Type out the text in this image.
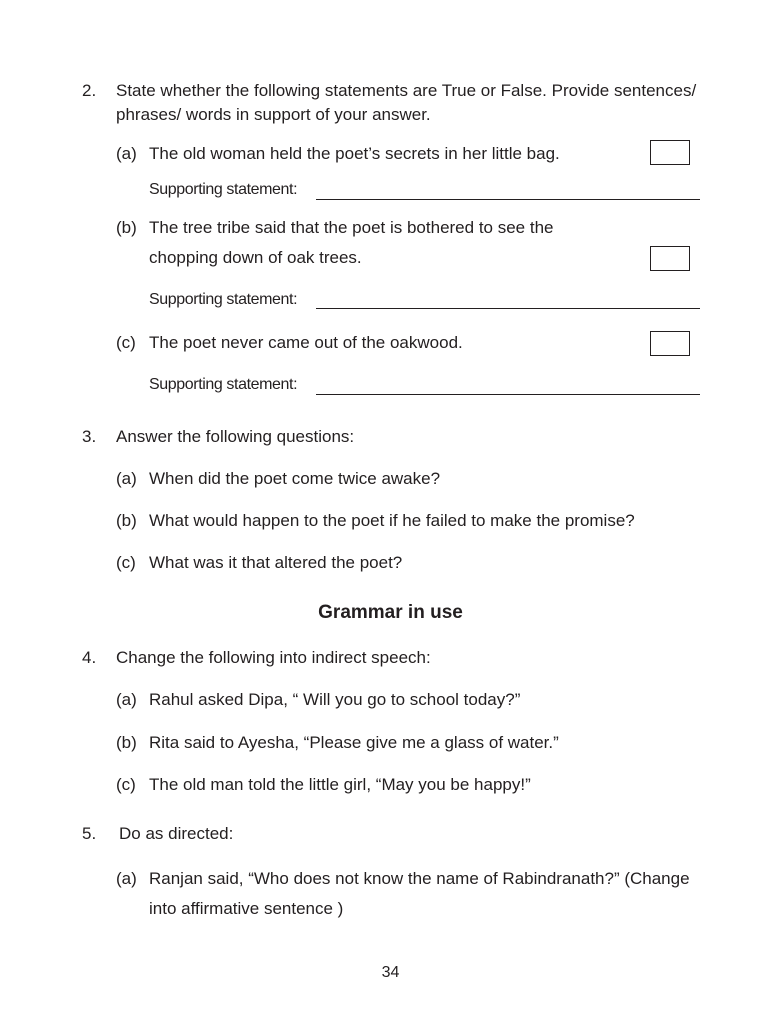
2. State whether the following statements are True or False. Provide sentences/
phrases/ words in support of your answer.
(a) The old woman held the poet’s secrets in her little bag.
Supporting statement:
(b) The tree tribe said that the poet is bothered to see the
chopping down of oak trees.
Supporting statement:
(c) The poet never came out of the oakwood.
Supporting statement:
3. Answer the following questions:
(a) When did the poet come twice awake?
(b) What would happen to the poet if he failed to make the promise?
(c) What was it that altered the poet?
Grammar in use
4. Change the following into indirect speech:
(a) Rahul asked Dipa, “ Will you go to school today?”
(b) Rita said to Ayesha, “Please give me a glass of water.”
(c) The old man told the little girl, “May you be happy!”
5. Do as directed:
(a) Ranjan said, “Who does not know the name of Rabindranath?” (Change
into affirmative sentence )
34
